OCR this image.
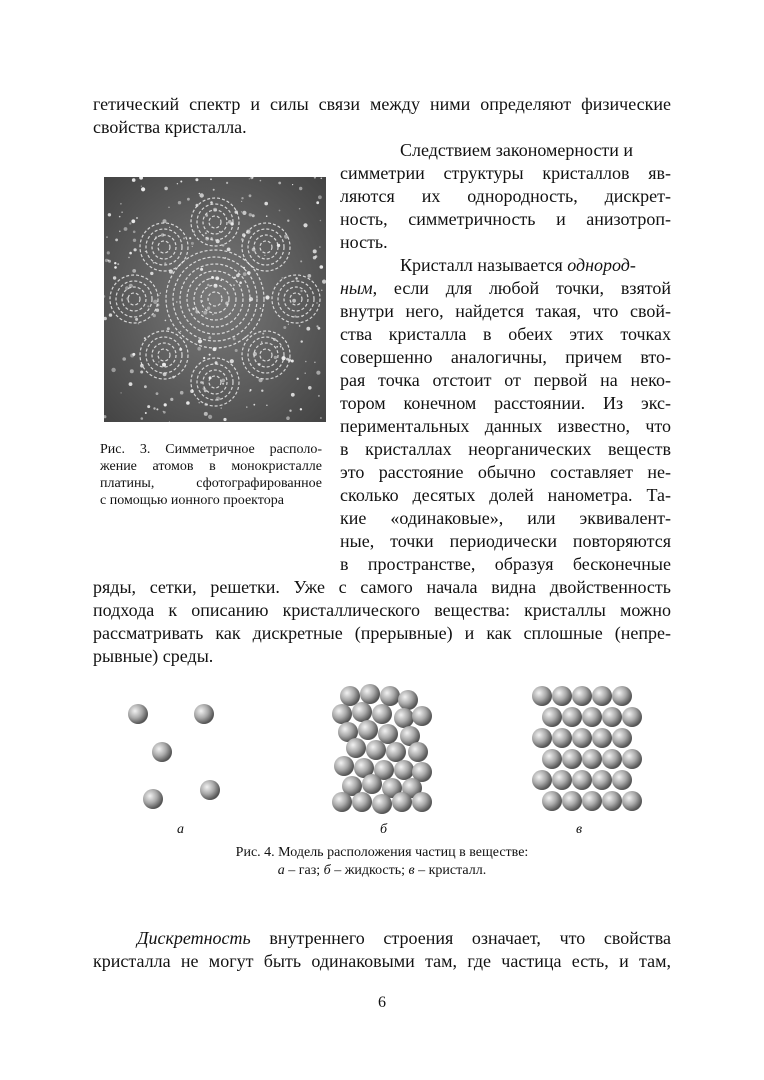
гетический спектр и силы связи между ними определяют физические
свойства кристалла.
Следствием закономерности и
симметрии структуры кристаллов яв-
ляются их однородность, дискрет-
ность, симметричность и анизотроп-
ность.
Кристалл называется однород-
ным, если для любой точки, взятой
внутри него, найдется такая, что свой-
ства кристалла в обеих этих точках
совершенно аналогичны, причем вто-
рая точка отстоит от первой на неко-
тором конечном расстоянии. Из экс-
периментальных данных известно, что
в кристаллах неорганических веществ
это расстояние обычно составляет не-
сколько десятых долей нанометра. Та-
кие «одинаковые», или эквивалент-
ные, точки периодически повторяются
в пространстве, образуя бесконечные
ряды, сетки, решетки. Уже с самого начала видна двойственность
подхода к описанию кристаллического вещества: кристаллы можно
рассматривать как дискретные (прерывные) и как сплошные (непре-
рывные) среды.
Рис. 3. Симметричное располо-
жение атомов в монокристалле
платины, сфотографированное
с помощью ионного проектора
а	б	в
Рис. 4. Модель расположения частиц в веществе:
а – газ; б – жидкость; в – кристалл.
Дискретность внутреннего строения означает, что свойства
кристалла не могут быть одинаковыми там, где частица есть, и там,
6
